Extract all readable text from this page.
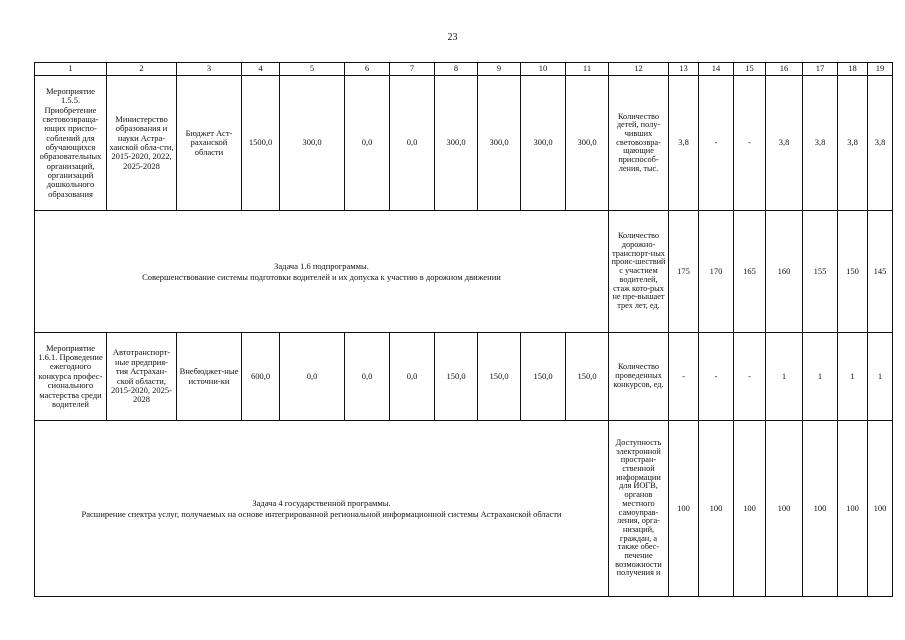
23
1	2	3	4	5	6	7	8	9	10	11	12	13	14	15	16	17	18	19
Мероприятие 1.5.5. Приобретение световозвраща-ющих приспо-соблений для обучающихся образовательных организаций, организаций дошкольного образования	Министерство образования и науки Астра-ханской обла-сти, 2015-2020, 2022, 2025-2028	Бюджет Аст-раханской области	1500,0	300,0	0,0	0,0	300,0	300,0	300,0	300,0	Количество детей, полу-чивших световозвра-щающие приспособ-ления, тыс.	3,8	-	-	3,8	3,8	3,8	3,8

Задача 1.6 подпрограммы.
Совершенствование системы подготовки водителей и их допуска к участию в дорожном движении											Количество дорожно-транспорт-ных проис-шествий с участием водителей, стаж кото-рых не пре-вышает трех лет, ед.	175	170	165	160	155	150	145
Мероприятие 1.6.1. Проведение ежегодного конкурса профес-сионального мастерства среди водителей	Автотранспорт-ные предприя-тия Астрахан-ской области, 2015-2020, 2025-2028	Внебюджет-ные источни-ки	600,0	0,0	0,0	0,0	150,0	150,0	150,0	150,0	Количество проведенных конкурсов, ед.	-	-	-	1	1	1	1

Задача 4 государственной программы.
Расширение спектра услуг, получаемых на основе интегрированной региональной информационной системы Астраханской области											Доступность электронной простран-ственной информации для ИОГВ, органов местного самоуправ-ления, орга-низаций, граждан, а также обес-печение возможности получения и	100	100	100	100	100	100	100
